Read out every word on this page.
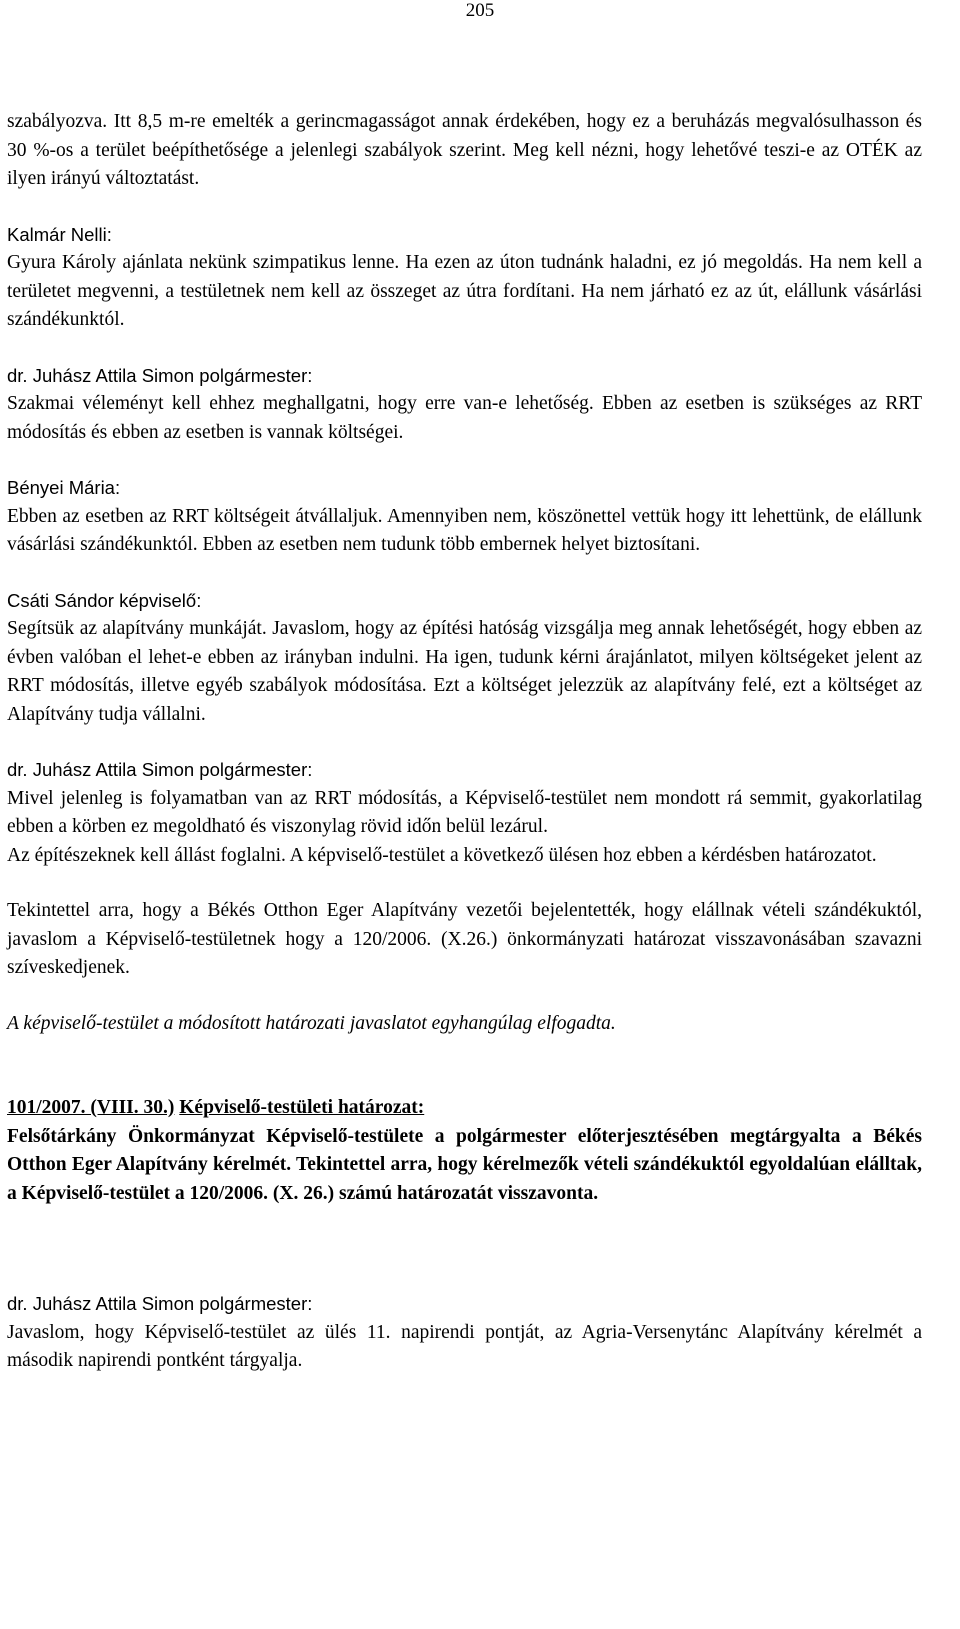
205

szabályozva. Itt 8,5 m-re emelték a gerincmagasságot annak érdekében, hogy ez a beruházás megvalósulhasson és 30 %-os a terület beépíthetősége a jelenlegi szabályok szerint. Meg kell nézni, hogy lehetővé teszi-e az OTÉK az ilyen irányú változtatást.

Kalmár Nelli:

Gyura Károly ajánlata nekünk szimpatikus lenne. Ha ezen az úton tudnánk haladni, ez jó megoldás. Ha nem kell a területet megvenni, a testületnek nem kell az összeget az útra fordítani. Ha nem járható ez az út, elállunk vásárlási szándékunktól.

dr. Juhász Attila Simon polgármester:

Szakmai véleményt kell ehhez meghallgatni, hogy erre van-e lehetőség. Ebben az esetben is szükséges az RRT módosítás és ebben az esetben is vannak költségei.

Bényei Mária:

Ebben az esetben az RRT költségeit átvállaljuk. Amennyiben nem, köszönettel vettük hogy itt lehettünk, de elállunk vásárlási szándékunktól. Ebben az esetben nem tudunk több embernek helyet biztosítani.

Csáti Sándor képviselő:

Segítsük az alapítvány munkáját. Javaslom, hogy az építési hatóság vizsgálja meg annak lehetőségét, hogy ebben az évben valóban el lehet-e ebben az irányban indulni. Ha igen, tudunk kérni árajánlatot, milyen költségeket jelent az RRT módosítás, illetve egyéb szabályok módosítása. Ezt a költséget jelezzük az alapítvány felé, ezt a költséget az Alapítvány tudja vállalni.

dr. Juhász Attila Simon polgármester:

Mivel jelenleg is folyamatban van az RRT módosítás, a Képviselő-testület nem mondott rá semmit, gyakorlatilag ebben a körben ez megoldható és viszonylag rövid időn belül lezárul.

Az építészeknek kell állást foglalni. A képviselő-testület a következő ülésen hoz ebben a kérdésben határozatot.

Tekintettel arra, hogy a Békés Otthon Eger Alapítvány vezetői bejelentették, hogy elállnak vételi szándékuktól, javaslom a Képviselő-testületnek hogy a 120/2006. (X.26.) önkormányzati határozat visszavonásában szavazni szíveskedjenek.

A képviselő-testület a módosított határozati javaslatot egyhangúlag elfogadta.

101/2007. (VIII. 30.) Képviselő-testületi határozat:

Felsőtárkány Önkormányzat Képviselő-testülete a polgármester előterjesztésében megtárgyalta a Békés Otthon Eger Alapítvány kérelmét. Tekintettel arra, hogy kérelmezők vételi szándékuktól egyoldalúan elálltak, a Képviselő-testület a 120/2006. (X. 26.) számú határozatát visszavonta.

dr. Juhász Attila Simon polgármester:

Javaslom, hogy Képviselő-testület az ülés 11. napirendi pontját, az Agria-Versenytánc Alapítvány kérelmét a második napirendi pontként tárgyalja.
